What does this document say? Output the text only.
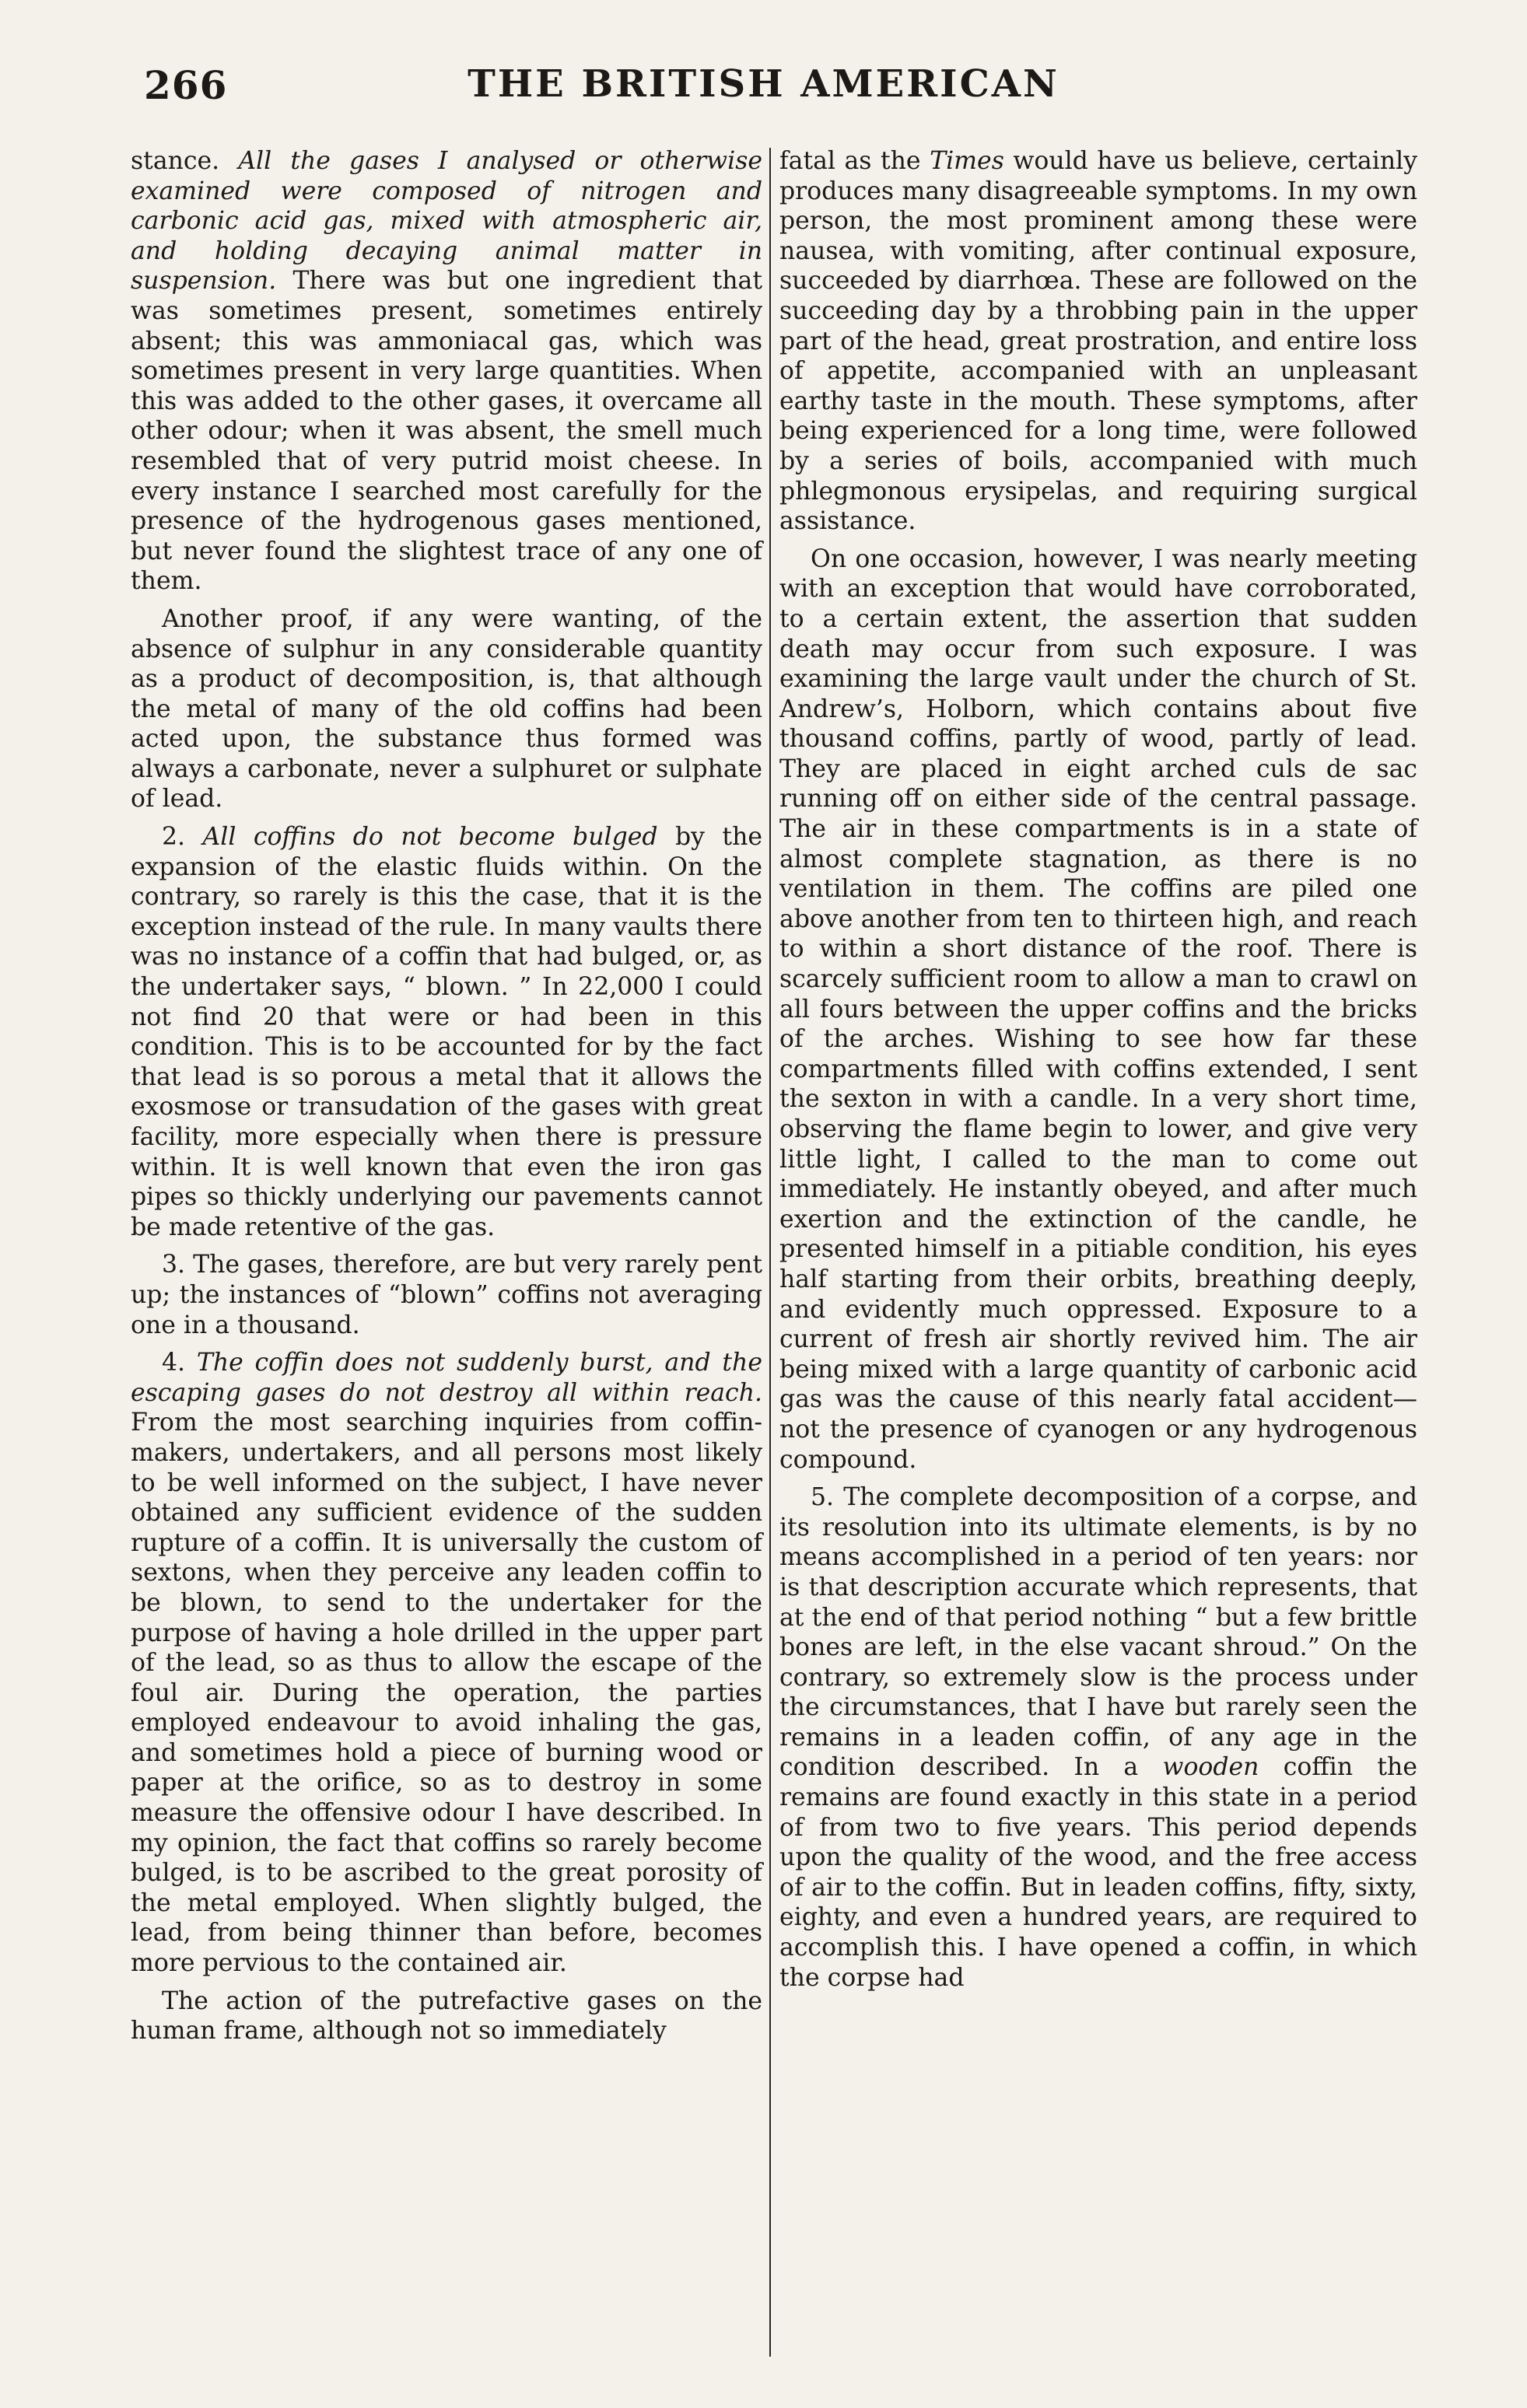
266	THE BRITISH AMERICAN

stance. All the gases I analysed or otherwise examined were composed of nitrogen and carbonic acid gas, mixed with atmospheric air, and holding decaying animal matter in suspension. There was but one ingredient that was sometimes present, sometimes entirely absent; this was ammoniacal gas, which was sometimes present in very large quantities. When this was added to the other gases, it overcame all other odour; when it was absent, the smell much resembled that of very putrid moist cheese. In every instance I searched most carefully for the presence of the hydrogenous gases mentioned, but never found the slightest trace of any one of them.

Another proof, if any were wanting, of the absence of sulphur in any considerable quantity as a product of decomposition, is, that although the metal of many of the old coffins had been acted upon, the substance thus formed was always a carbonate, never a sulphuret or sulphate of lead.

2. All coffins do not become bulged by the expansion of the elastic fluids within. On the contrary, so rarely is this the case, that it is the exception instead of the rule. In many vaults there was no instance of a coffin that had bulged, or, as the undertaker says, “ blown. ” In 22,000 I could not find 20 that were or had been in this condition. This is to be accounted for by the fact that lead is so porous a metal that it allows the exosmose or transudation of the gases with great facility, more especially when there is pressure within. It is well known that even the iron gas pipes so thickly underlying our pavements cannot be made retentive of the gas.

3. The gases, therefore, are but very rarely pent up; the instances of “blown” coffins not averaging one in a thousand.

4. The coffin does not suddenly burst, and the escaping gases do not destroy all within reach. From the most searching inquiries from coffin-makers, undertakers, and all persons most likely to be well informed on the subject, I have never obtained any sufficient evidence of the sudden rupture of a coffin. It is universally the custom of sextons, when they perceive any leaden coffin to be blown, to send to the undertaker for the purpose of having a hole drilled in the upper part of the lead, so as thus to allow the escape of the foul air. During the operation, the parties employed endeavour to avoid inhaling the gas, and sometimes hold a piece of burning wood or paper at the orifice, so as to destroy in some measure the offensive odour I have described. In my opinion, the fact that coffins so rarely become bulged, is to be ascribed to the great porosity of the metal employed. When slightly bulged, the lead, from being thinner than before, becomes more pervious to the contained air.

The action of the putrefactive gases on the human frame, although not so immediately

fatal as the Times would have us believe, certainly produces many disagreeable symptoms. In my own person, the most prominent among these were nausea, with vomiting, after continual exposure, succeeded by diarrhœa. These are followed on the succeeding day by a throbbing pain in the upper part of the head, great prostration, and entire loss of appetite, accompanied with an unpleasant earthy taste in the mouth. These symptoms, after being experienced for a long time, were followed by a series of boils, accompanied with much phlegmonous erysipelas, and requiring surgical assistance.

On one occasion, however, I was nearly meeting with an exception that would have corroborated, to a certain extent, the assertion that sudden death may occur from such exposure. I was examining the large vault under the church of St. Andrew’s, Holborn, which contains about five thousand coffins, partly of wood, partly of lead. They are placed in eight arched culs de sac running off on either side of the central passage. The air in these compartments is in a state of almost complete stagnation, as there is no ventilation in them. The coffins are piled one above another from ten to thirteen high, and reach to within a short distance of the roof. There is scarcely sufficient room to allow a man to crawl on all fours between the upper coffins and the bricks of the arches. Wishing to see how far these compartments filled with coffins extended, I sent the sexton in with a candle. In a very short time, observing the flame begin to lower, and give very little light, I called to the man to come out immediately. He instantly obeyed, and after much exertion and the extinction of the candle, he presented himself in a pitiable condition, his eyes half starting from their orbits, breathing deeply, and evidently much oppressed. Exposure to a current of fresh air shortly revived him. The air being mixed with a large quantity of carbonic acid gas was the cause of this nearly fatal accident—not the presence of cyanogen or any hydrogenous compound.

5. The complete decomposition of a corpse, and its resolution into its ultimate elements, is by no means accomplished in a period of ten years: nor is that description accurate which represents, that at the end of that period nothing “ but a few brittle bones are left, in the else vacant shroud.” On the contrary, so extremely slow is the process under the circumstances, that I have but rarely seen the remains in a leaden coffin, of any age in the condition described. In a wooden coffin the remains are found exactly in this state in a period of from two to five years. This period depends upon the quality of the wood, and the free access of air to the coffin. But in leaden coffins, fifty, sixty, eighty, and even a hundred years, are required to accomplish this. I have opened a coffin, in which the corpse had
